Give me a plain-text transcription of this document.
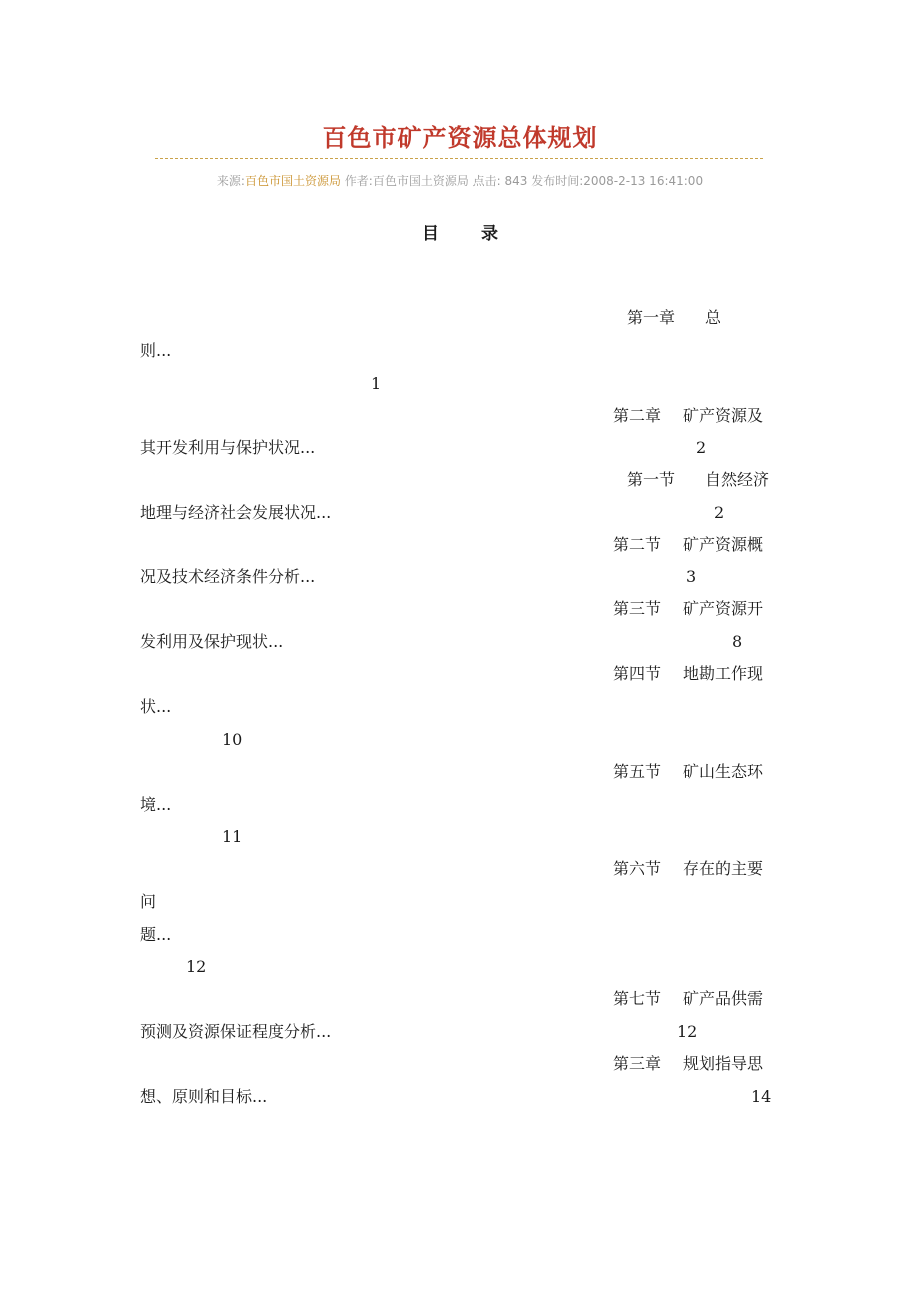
百色市矿产资源总体规划
来源:百色市国土资源局 作者:百色市国土资源局 点击: 843 发布时间:2008-2-13 16:41:00
目 录
第一章 总
则...
1
第二章 矿产资源及
其开发利用与保护状况...	2
第一节 自然经济
地理与经济社会发展状况...	2
第二节 矿产资源概
况及技术经济条件分析...	3
第三节 矿产资源开
发利用及保护现状...	8
第四节 地勘工作现
状...
10
第五节 矿山生态环
境...
11
第六节 存在的主要
问
题...
12
第七节 矿产品供需
预测及资源保证程度分析...	12
第三章 规划指导思
想、原则和目标...	14
